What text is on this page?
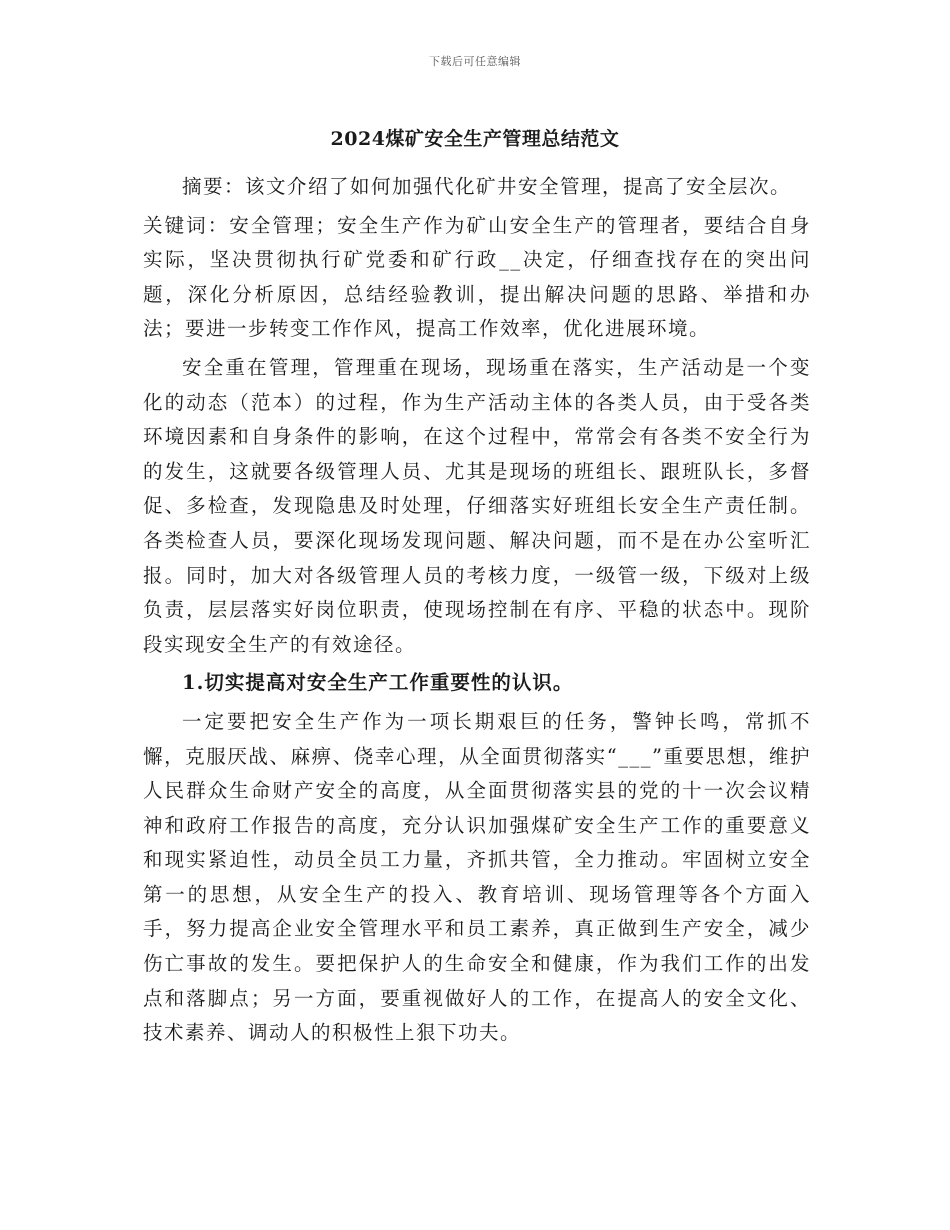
下载后可任意编辑
2024煤矿安全生产管理总结范文

摘要：该文介绍了如何加强代化矿井安全管理，提高了安全层次。

关键词：安全管理；安全生产作为矿山安全生产的管理者，要结合自身实际，坚决贯彻执行矿党委和矿行政__决定，仔细查找存在的突出问题，深化分析原因，总结经验教训，提出解决问题的思路、举措和办法；要进一步转变工作作风，提高工作效率，优化进展环境。

安全重在管理，管理重在现场，现场重在落实，生产活动是一个变化的动态（范本）的过程，作为生产活动主体的各类人员，由于受各类环境因素和自身条件的影响，在这个过程中，常常会有各类不安全行为的发生，这就要各级管理人员、尤其是现场的班组长、跟班队长，多督促、多检查，发现隐患及时处理，仔细落实好班组长安全生产责任制。各类检查人员，要深化现场发现问题、解决问题，而不是在办公室听汇报。同时，加大对各级管理人员的考核力度，一级管一级，下级对上级负责，层层落实好岗位职责，使现场控制在有序、平稳的状态中。现阶段实现安全生产的有效途径。

1.切实提高对安全生产工作重要性的认识。

一定要把安全生产作为一项长期艰巨的任务，警钟长鸣，常抓不懈，克服厌战、麻痹、侥幸心理，从全面贯彻落实“___”重要思想，维护人民群众生命财产安全的高度，从全面贯彻落实县的党的十一次会议精神和政府工作报告的高度，充分认识加强煤矿安全生产工作的重要意义和现实紧迫性，动员全员工力量，齐抓共管，全力推动。牢固树立安全第一的思想，从安全生产的投入、教育培训、现场管理等各个方面入手，努力提高企业安全管理水平和员工素养，真正做到生产安全，减少伤亡事故的发生。要把保护人的生命安全和健康，作为我们工作的出发点和落脚点；另一方面，要重视做好人的工作，在提高人的安全文化、技术素养、调动人的积极性上狠下功夫。
